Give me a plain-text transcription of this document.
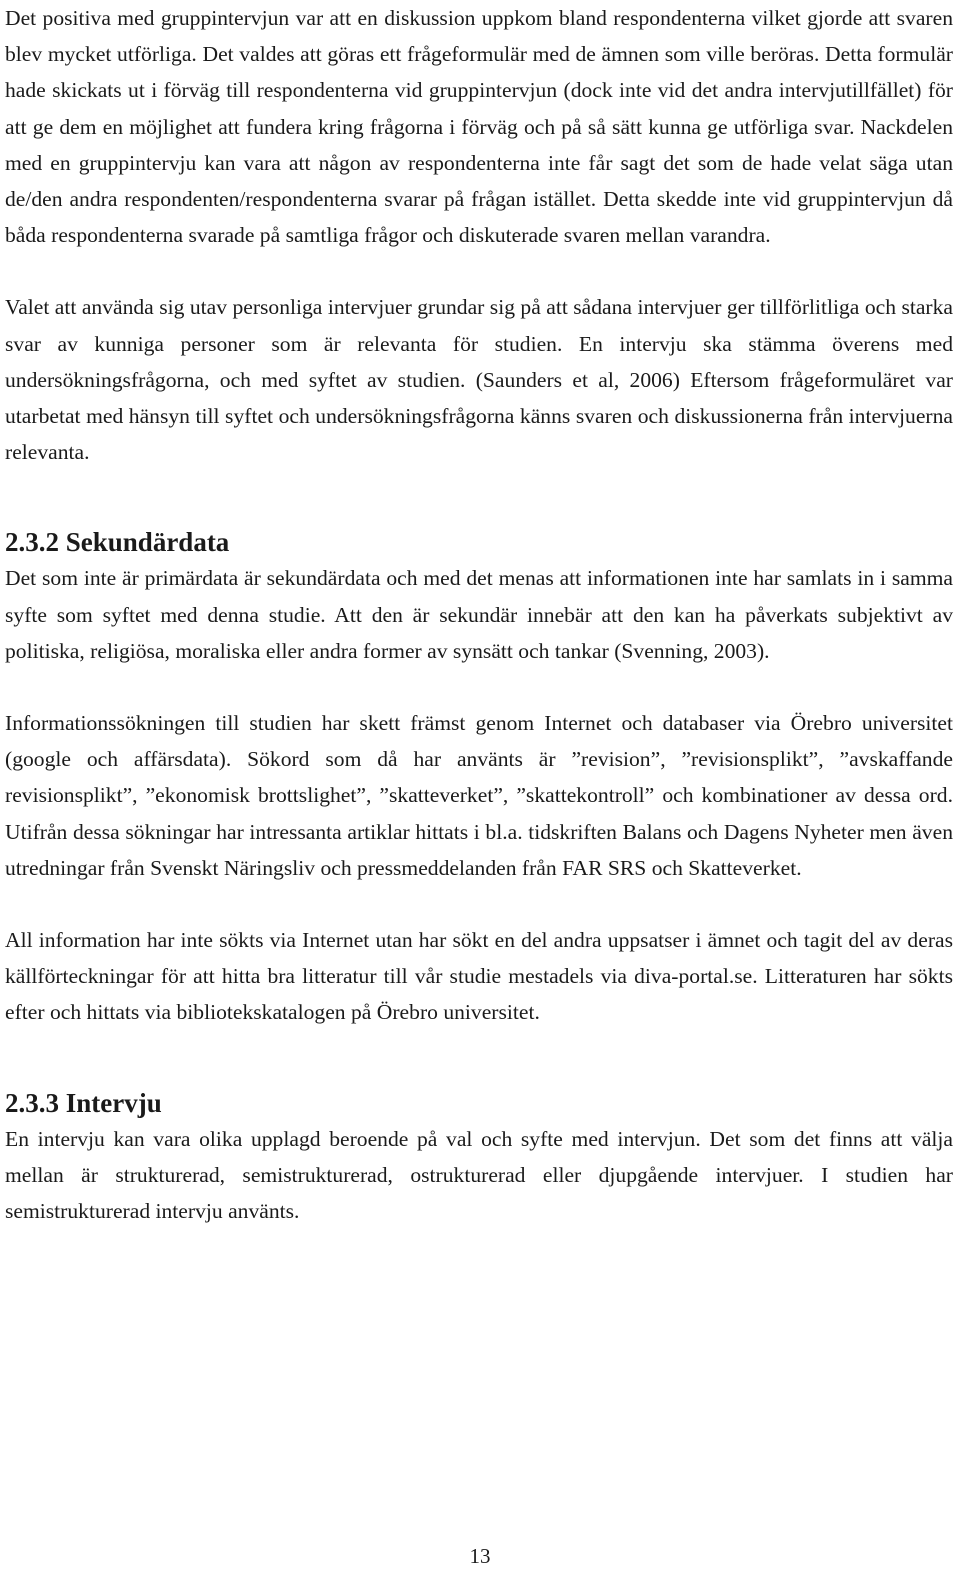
Det positiva med gruppintervjun var att en diskussion uppkom bland respondenterna vilket gjorde att svaren blev mycket utförliga. Det valdes att göras ett frågeformulär med de ämnen som ville beröras. Detta formulär hade skickats ut i förväg till respondenterna vid gruppintervjun (dock inte vid det andra intervjutillfället) för att ge dem en möjlighet att fundera kring frågorna i förväg och på så sätt kunna ge utförliga svar. Nackdelen med en gruppintervju kan vara att någon av respondenterna inte får sagt det som de hade velat säga utan de/den andra respondenten/respondenterna svarar på frågan istället. Detta skedde inte vid gruppintervjun då båda respondenterna svarade på samtliga frågor och diskuterade svaren mellan varandra.

Valet att använda sig utav personliga intervjuer grundar sig på att sådana intervjuer ger tillförlitliga och starka svar av kunniga personer som är relevanta för studien. En intervju ska stämma överens med undersökningsfrågorna, och med syftet av studien. (Saunders et al, 2006) Eftersom frågeformuläret var utarbetat med hänsyn till syftet och undersökningsfrågorna känns svaren och diskussionerna från intervjuerna relevanta.

2.3.2 Sekundärdata

Det som inte är primärdata är sekundärdata och med det menas att informationen inte har samlats in i samma syfte som syftet med denna studie. Att den är sekundär innebär att den kan ha påverkats subjektivt av politiska, religiösa, moraliska eller andra former av synsätt och tankar (Svenning, 2003).

Informationssökningen till studien har skett främst genom Internet och databaser via Örebro universitet (google och affärsdata). Sökord som då har använts är ”revision”, ”revisionsplikt”, ”avskaffande revisionsplikt”, ”ekonomisk brottslighet”, ”skatteverket”, ”skattekontroll” och kombinationer av dessa ord. Utifrån dessa sökningar har intressanta artiklar hittats i bl.a. tidskriften Balans och Dagens Nyheter men även utredningar från Svenskt Näringsliv och pressmeddelanden från FAR SRS och Skatteverket.

All information har inte sökts via Internet utan har sökt en del andra uppsatser i ämnet och tagit del av deras källförteckningar för att hitta bra litteratur till vår studie mestadels via diva-portal.se. Litteraturen har sökts efter och hittats via bibliotekskatalogen på Örebro universitet.

2.3.3 Intervju

En intervju kan vara olika upplagd beroende på val och syfte med intervjun. Det som det finns att välja mellan är strukturerad, semistrukturerad, ostrukturerad eller djupgående intervjuer. I studien har semistrukturerad intervju använts.

13
